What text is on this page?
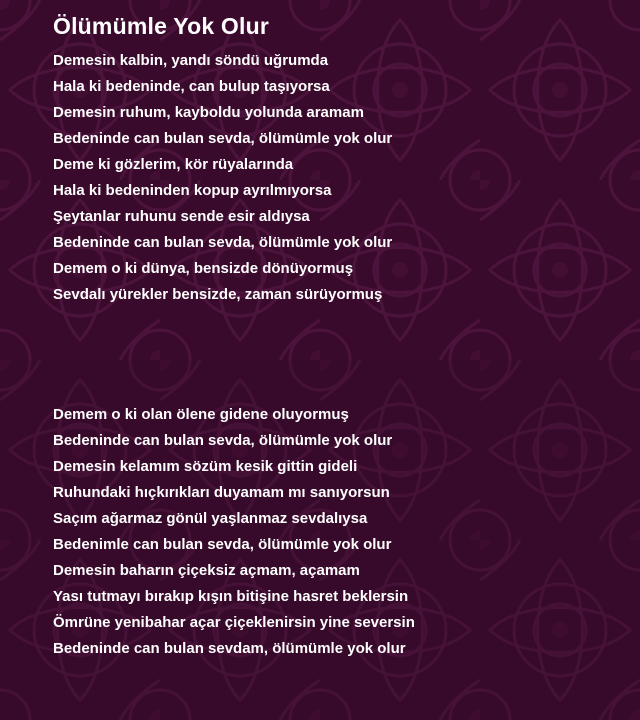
Ölümümle Yok Olur
Demesin kalbin, yandı söndü uğrumda
Hala ki bedeninde, can bulup taşıyorsa
Demesin ruhum, kayboldu yolunda aramam
Bedeninde can bulan sevda, ölümümle yok olur
Deme ki gözlerim, kör rüyalarında
Hala ki bedeninden kopup ayrılmıyorsa
Şeytanlar ruhunu sende esir aldıysa
Bedeninde can bulan sevda, ölümümle yok olur
Demem o ki dünya, bensizde dönüyormuş
Sevdalı yürekler bensizde, zaman sürüyormuş
Demem o ki olan ölene gidene oluyormuş
Bedeninde can bulan sevda, ölümümle yok olur
Demesin kelamım sözüm kesik gittin gideli
Ruhundaki hıçkırıkları duyamam mı sanıyorsun
Saçım ağarmaz gönül yaşlanmaz sevdalıysa
Bedenimle can bulan sevda, ölümümle yok olur
Demesin baharın çiçeksiz açmam, açamam
Yası tutmayı bırakıp kışın bitişine hasret beklersin
Ömrüne yenibahar açar çiçeklenirsin yine seversin
Bedeninde can bulan sevdam, ölümümle yok olur
